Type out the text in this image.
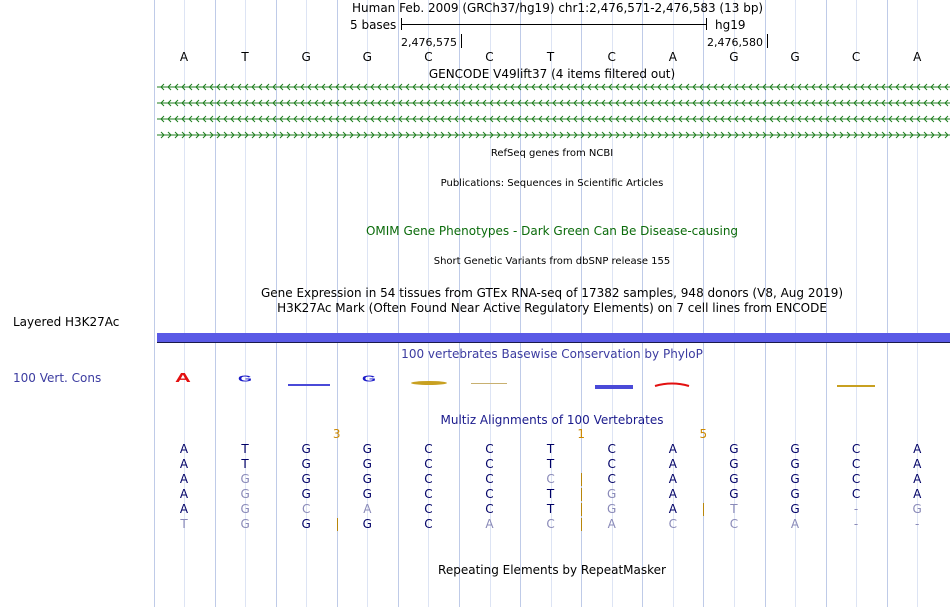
Layered H3K27Ac
100 Vert. Cons
Human Feb. 2009 (GRCh37/hg19) chr1:2,476,571-2,476,583 (13 bp)
5 bases	hg19
2,476,575	2,476,580
A	T	G	G	C	C	T	C	A	G	G	C	A
GENCODE V49lift37 (4 items filtered out)
RefSeq genes from NCBI
Publications: Sequences in Scientific Articles
OMIM Gene Phenotypes - Dark Green Can Be Disease-causing
Short Genetic Variants from dbSNP release 155
Gene Expression in 54 tissues from GTEx RNA-seq of 17382 samples, 948 donors (V8, Aug 2019)
H3K27Ac Mark (Often Found Near Active Regulatory Elements) on 7 cell lines from ENCODE
100 vertebrates Basewise Conservation by PhyloP
A	G	G
Multiz Alignments of 100 Vertebrates
3	1	5
A	T	G	G	C	C	T	C	A	G	G	C	A
A	T	G	G	C	C	T	C	A	G	G	C	A
A	G	G	G	C	C	C	C	A	G	G	C	A
A	G	G	G	C	C	T	G	A	G	G	C	A
A	G	C	A	C	C	T	G	A	T	G	-	G
T	G	G	G	C	A	C	A	C	C	A	-	-
Repeating Elements by RepeatMasker
